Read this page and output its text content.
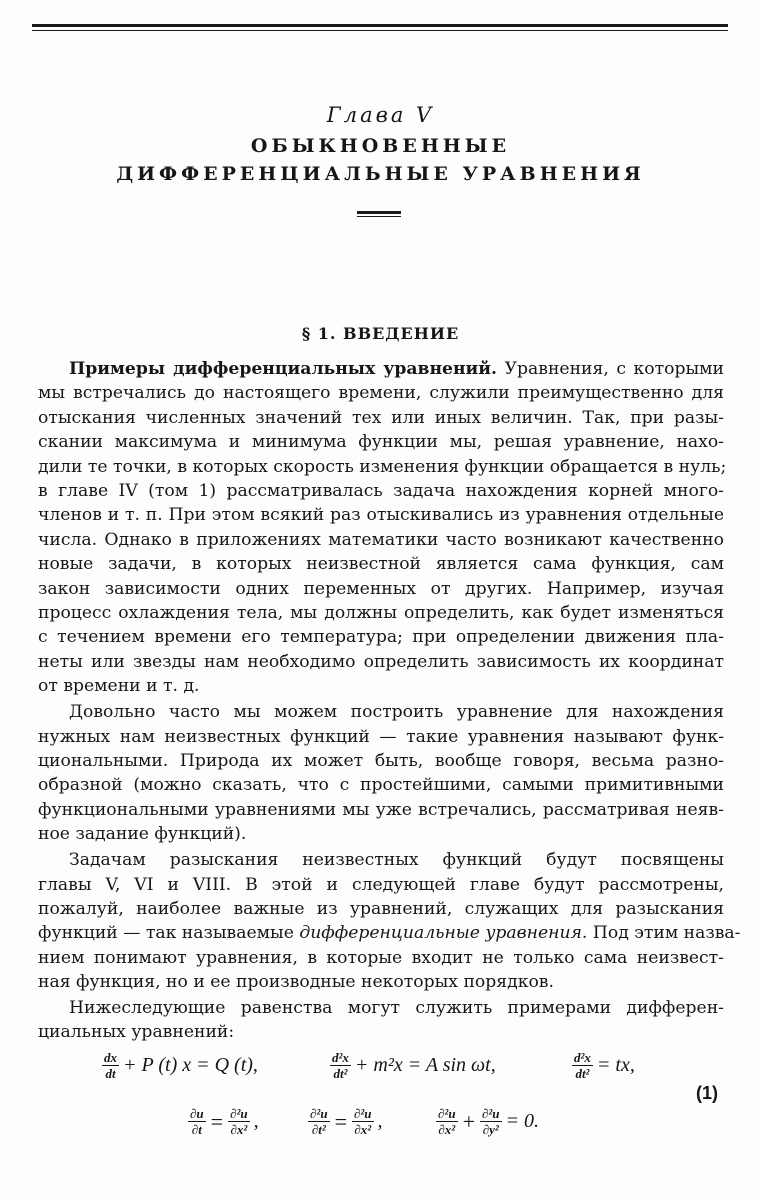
Глава V
ОБЫКНОВЕННЫЕ
ДИФФЕРЕНЦИАЛЬНЫЕ УРАВНЕНИЯ
§ 1. ВВЕДЕНИЕ
Примеры дифференциальных уравнений. Уравнения, с которыми
мы встречались до настоящего времени, служили преимущественно для
отыскания численных значений тех или иных величин. Так, при разы-
скании максимума и минимума функции мы, решая уравнение, нахо-
дили те точки, в которых скорость изменения функции обращается в нуль;
в главе IV (том 1) рассматривалась задача нахождения корней много-
членов и т. п. При этом всякий раз отыскивались из уравнения отдельные
числа. Однако в приложениях математики часто возникают качественно
новые задачи, в которых неизвестной является сама функция, сам
закон зависимости одних переменных от других. Например, изучая
процесс охлаждения тела, мы должны определить, как будет изменяться
с течением времени его температура; при определении движения пла-
неты или звезды нам необходимо определить зависимость их координат
от времени и т. д.
Довольно часто мы можем построить уравнение для нахождения
нужных нам неизвестных функций — такие уравнения называют функ-
циональными. Природа их может быть, вообще говоря, весьма разно-
образной (можно сказать, что с простейшими, самыми примитивными
функциональными уравнениями мы уже встречались, рассматривая неяв-
ное задание функций).
Задачам разыскания неизвестных функций будут посвящены
главы V, VI и VIII. В этой и следующей главе будут рассмотрены,
пожалуй, наиболее важные из уравнений, служащих для разыскания
функций — так называемые дифференциальные уравнения. Под этим назва-
нием понимают уравнения, в которые входит не только сама неизвест-
ная функция, но и ее производные некоторых порядков.
Нижеследующие равенства могут служить примерами дифферен-
циальных уравнений:
$\frac{dx}{dt} + P$ (t) x = Q (t),	$\frac{\text{d²x}}{\text{dt²}} + m^2x = A$ sin ωt,	$\frac{\text{d²x}}{\text{dt²}}$ = tx,
$\frac{\partial u}{\partial t} = \frac{\text{∂²u}}{\text{∂x²}}$ ,	$\frac{\text{∂²u}}{\text{∂t²}} = \frac{\text{∂²u}}{\text{∂x²}}$ ,	$\frac{\text{∂²u}}{\text{∂x²}} + \frac{\text{∂²u}}{\text{∂y²}} = 0$.
(1)
